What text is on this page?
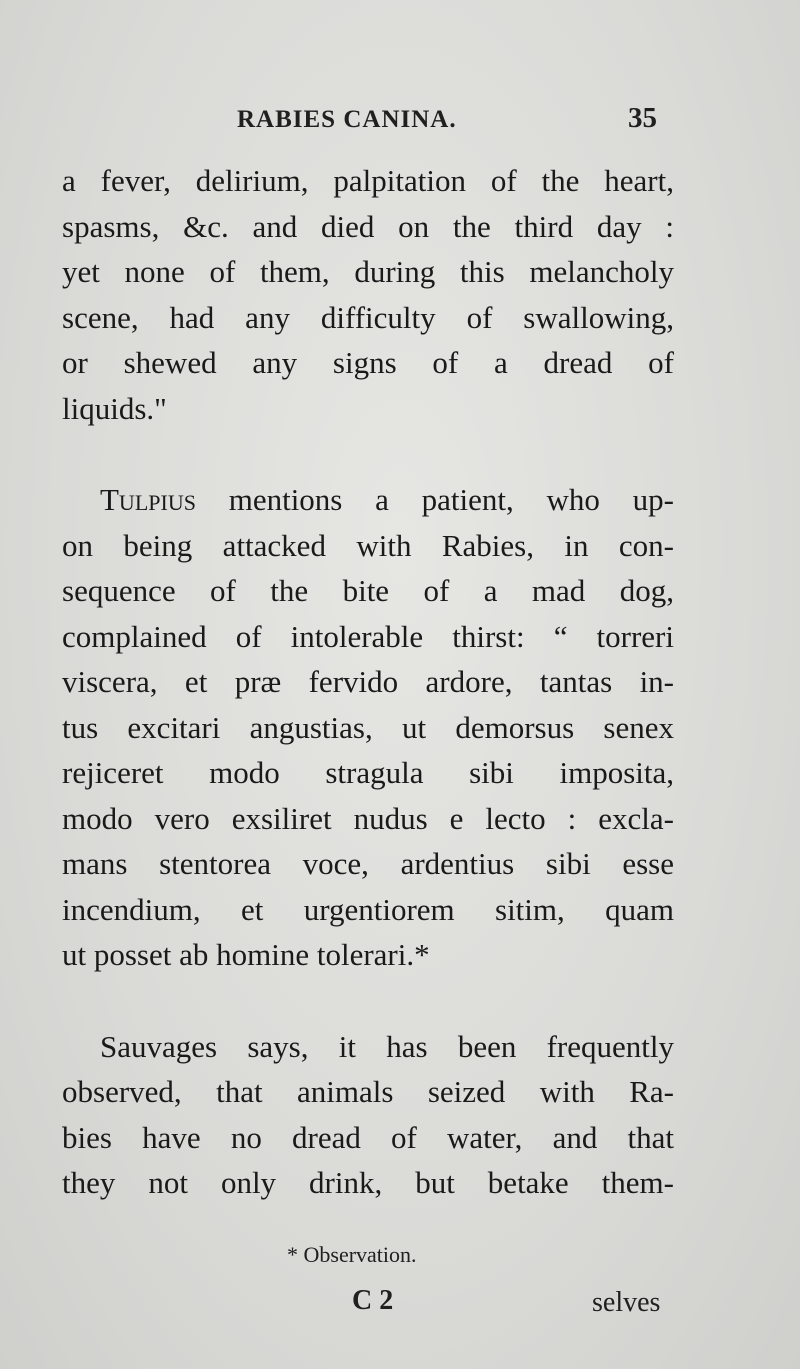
RABIES CANINA.	35
a fever, delirium, palpitation of the heart,
spasms, &c. and died on the third day :
yet none of them, during this melancholy
scene, had any difficulty of swallowing,
or shewed any signs of a dread of
liquids."
Tulpius mentions a patient, who up-
on being attacked with Rabies, in con-
sequence of the bite of a mad dog,
complained of intolerable thirst: “ torreri
viscera, et præ fervido ardore, tantas in-
tus excitari angustias, ut demorsus senex
rejiceret modo stragula sibi imposita,
modo vero exsiliret nudus e lecto : excla-
mans stentorea voce, ardentius sibi esse
incendium, et urgentiorem sitim, quam
ut posset ab homine tolerari.*
Sauvages says, it has been frequently
observed, that animals seized with Ra-
bies have no dread of water, and that
they not only drink, but betake them-
* Observation.
C 2	selves
